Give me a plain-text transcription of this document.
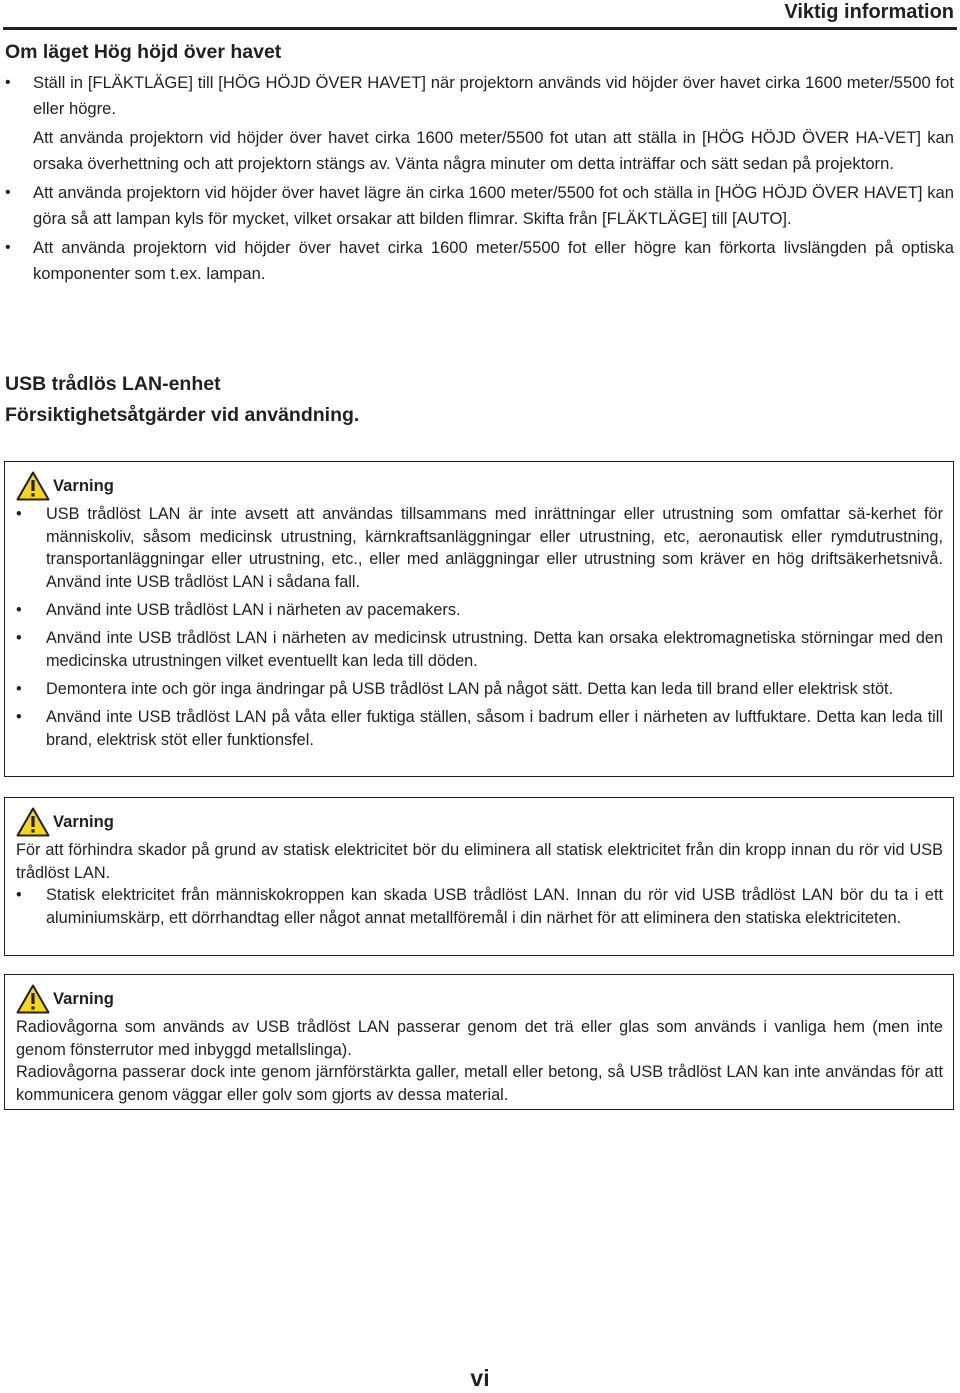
Viktig information
Om läget Hög höjd över havet
• Ställ in [FLÄKTLÄGE] till [HÖG HÖJD ÖVER HAVET] när projektorn används vid höjder över havet cirka 1600 meter/5500 fot eller högre.
Att använda projektorn vid höjder över havet cirka 1600 meter/5500 fot utan att ställa in [HÖG HÖJD ÖVER HA-VET] kan orsaka överhettning och att projektorn stängs av. Vänta några minuter om detta inträffar och sätt sedan på projektorn.
• Att använda projektorn vid höjder över havet lägre än cirka 1600 meter/5500 fot och ställa in [HÖG HÖJD ÖVER HAVET] kan göra så att lampan kyls för mycket, vilket orsakar att bilden flimrar. Skifta från [FLÄKTLÄGE] till [AUTO].
• Att använda projektorn vid höjder över havet cirka 1600 meter/5500 fot eller högre kan förkorta livslängden på optiska komponenter som t.ex. lampan.
USB trådlös LAN-enhet
Försiktighetsåtgärder vid användning.
Varning
• USB trådlöst LAN är inte avsett att användas tillsammans med inrättningar eller utrustning som omfattar sä-kerhet för människoliv, såsom medicinsk utrustning, kärnkraftsanläggningar eller utrustning, etc, aeronautisk eller rymdutrustning, transportanläggningar eller utrustning, etc., eller med anläggningar eller utrustning som kräver en hög driftsäkerhetsnivå. Använd inte USB trådlöst LAN i sådana fall.
• Använd inte USB trådlöst LAN i närheten av pacemakers.
• Använd inte USB trådlöst LAN i närheten av medicinsk utrustning. Detta kan orsaka elektromagnetiska störningar med den medicinska utrustningen vilket eventuellt kan leda till döden.
• Demontera inte och gör inga ändringar på USB trådlöst LAN på något sätt. Detta kan leda till brand eller elektrisk stöt.
• Använd inte USB trådlöst LAN på våta eller fuktiga ställen, såsom i badrum eller i närheten av luftfuktare. Detta kan leda till brand, elektrisk stöt eller funktionsfel.
Varning

För att förhindra skador på grund av statisk elektricitet bör du eliminera all statisk elektricitet från din kropp innan du rör vid USB trådlöst LAN.

• Statisk elektricitet från människokroppen kan skada USB trådlöst LAN. Innan du rör vid USB trådlöst LAN bör du ta i ett aluminiumskärp, ett dörrhandtag eller något annat metallföremål i din närhet för att eliminera den statiska elektriciteten.
Varning

Radiovågorna som används av USB trådlöst LAN passerar genom det trä eller glas som används i vanliga hem (men inte genom fönsterrutor med inbyggd metallslinga).

Radiovågorna passerar dock inte genom järnförstärkta galler, metall eller betong, så USB trådlöst LAN kan inte användas för att kommunicera genom väggar eller golv som gjorts av dessa material.

vi
